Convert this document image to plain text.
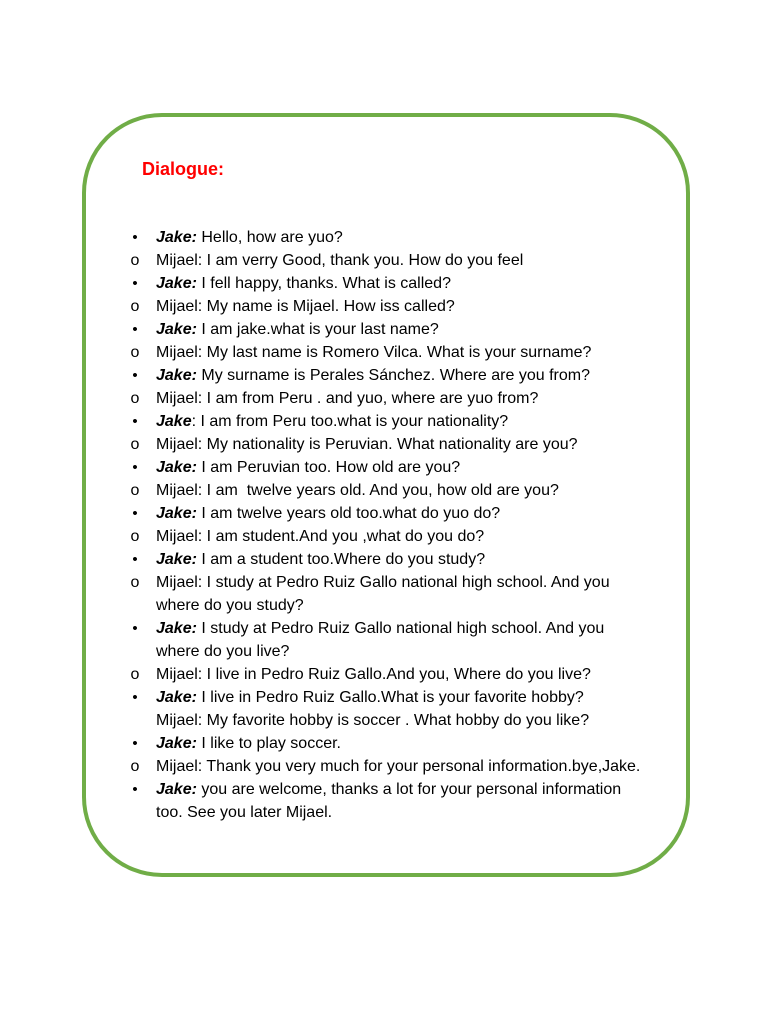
Dialogue:
• Jake: Hello, how are yuo?
o Mijael: I am verry Good, thank you. How do you feel
• Jake: I fell happy, thanks. What is called?
o Mijael: My name is Mijael. How iss called?
• Jake: I am jake.what is your last name?
o Mijael: My last name is Romero Vilca. What is your surname?
• Jake: My surname is Perales Sánchez. Where are you from?
o Mijael: I am from Peru . and yuo, where are yuo from?
• Jake: I am from Peru too.what is your nationality?
o Mijael: My nationality is Peruvian. What nationality are you?
• Jake: I am Peruvian too. How old are you?
o Mijael: I am  twelve years old. And you, how old are you?
• Jake: I am twelve years old too.what do yuo do?
o Mijael: I am student.And you ,what do you do?
• Jake: I am a student too.Where do you study?
o Mijael: I study at Pedro Ruiz Gallo national high school. And you where do you study?
• Jake: I study at Pedro Ruiz Gallo national high school. And you where do you live?
o Mijael: I live in Pedro Ruiz Gallo.And you, Where do you live?
• Jake: I live in Pedro Ruiz Gallo.What is your favorite hobby?
Mijael: My favorite hobby is soccer . What hobby do you like?
• Jake: I like to play soccer.
o Mijael: Thank you very much for your personal information.bye,Jake.
• Jake: you are welcome, thanks a lot for your personal information too. See you later Mijael.
